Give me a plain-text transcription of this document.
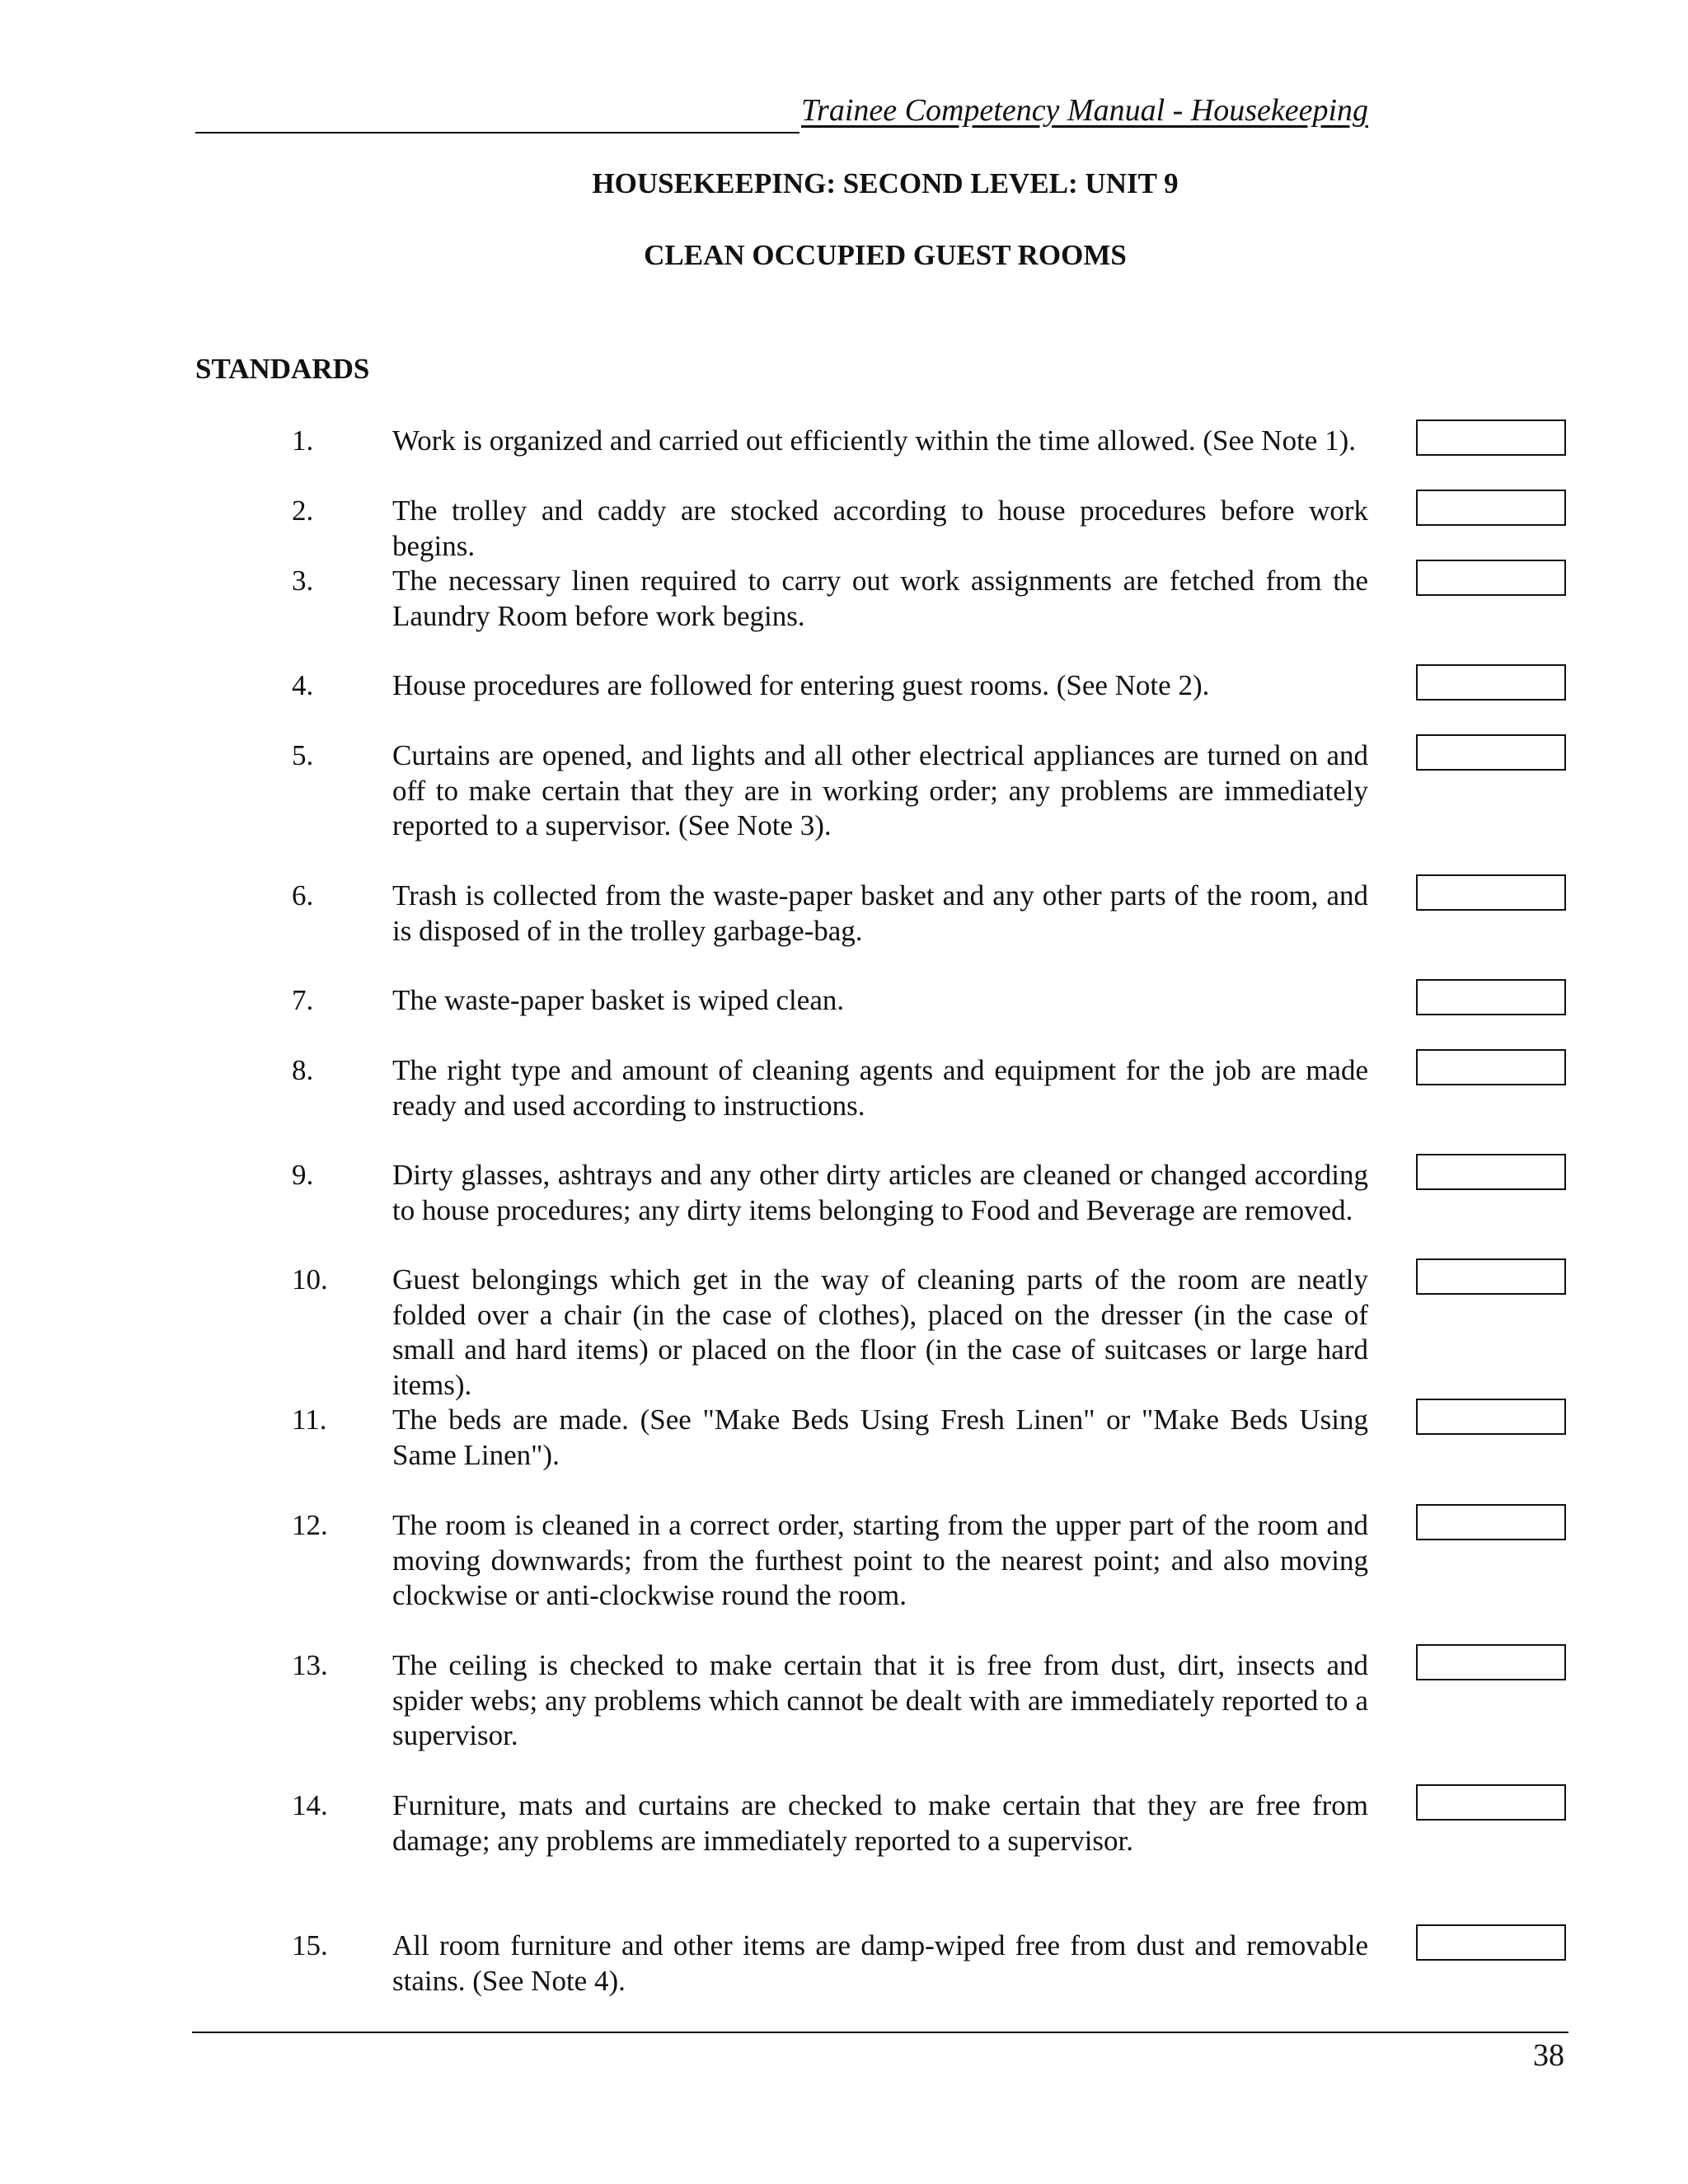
Trainee Competency Manual - Housekeeping
HOUSEKEEPING: SECOND LEVEL: UNIT 9
CLEAN OCCUPIED GUEST ROOMS
STANDARDS
1.	Work is organized and carried out efficiently within the time allowed. (See Note 1).
2.	The trolley and caddy are stocked according to house procedures before work begins.
3.	The necessary linen required to carry out work assignments are fetched from the Laundry Room before work begins.
4.	House procedures are followed for entering guest rooms. (See Note 2).
5.	Curtains are opened, and lights and all other electrical appliances are turned on and off to make certain that they are in working order; any problems are immediately reported to a supervisor. (See Note 3).
6.	Trash is collected from the waste-paper basket and any other parts of the room, and is disposed of in the trolley garbage-bag.
7.	The waste-paper basket is wiped clean.
8.	The right type and amount of cleaning agents and equipment for the job are made ready and used according to instructions.
9.	Dirty glasses, ashtrays and any other dirty articles are cleaned or changed according to house procedures; any dirty items belonging to Food and Beverage are removed.
10. Guest belongings which get in the way of cleaning parts of the room are neatly folded over a chair (in the case of clothes), placed on the dresser (in the case of small and hard items) or placed on the floor (in the case of suitcases or large hard items).
11. The beds are made. (See "Make Beds Using Fresh Linen" or "Make Beds Using Same Linen").
12. The room is cleaned in a correct order, starting from the upper part of the room and moving downwards; from the furthest point to the nearest point; and also moving clockwise or anti-clockwise round the room.
13. The ceiling is checked to make certain that it is free from dust, dirt, insects and spider webs; any problems which cannot be dealt with are immediately reported to a supervisor.
14. Furniture, mats and curtains are checked to make certain that they are free from damage; any problems are immediately reported to a supervisor.
15. All room furniture and other items are damp-wiped free from dust and removable stains. (See Note 4).
38
